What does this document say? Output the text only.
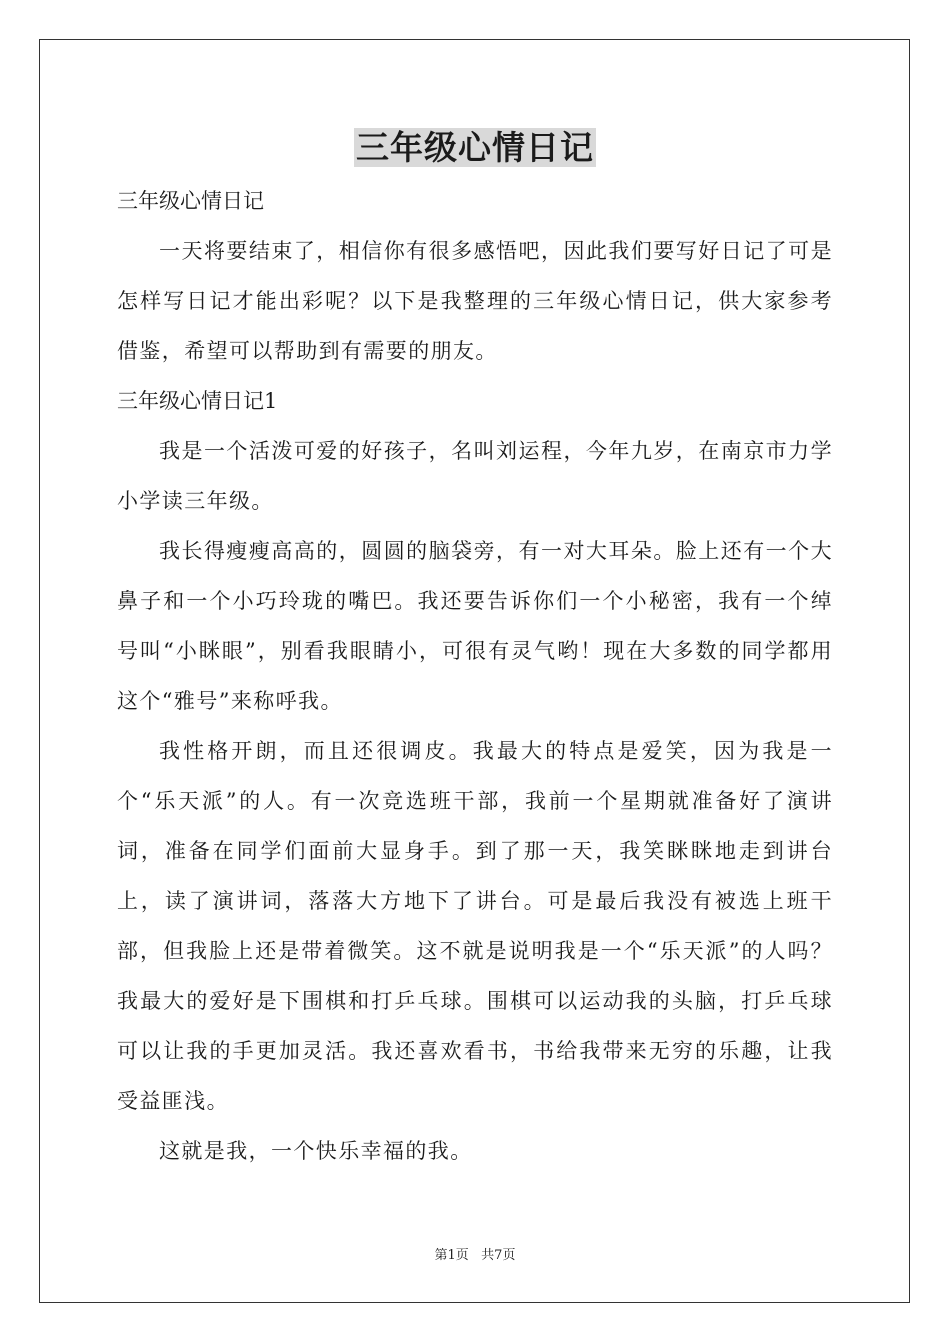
三年级心情日记

三年级心情日记

一天将要结束了，相信你有很多感悟吧，因此我们要写好日记了可是怎样写日记才能出彩呢？以下是我整理的三年级心情日记，供大家参考借鉴，希望可以帮助到有需要的朋友。

三年级心情日记1

我是一个活泼可爱的好孩子，名叫刘运程，今年九岁，在南京市力学小学读三年级。

我长得瘦瘦高高的，圆圆的脑袋旁，有一对大耳朵。脸上还有一个大鼻子和一个小巧玲珑的嘴巴。我还要告诉你们一个小秘密，我有一个绰号叫“小眯眼”，别看我眼睛小，可很有灵气哟！现在大多数的同学都用这个“雅号”来称呼我。

我性格开朗，而且还很调皮。我最大的特点是爱笑，因为我是一个“乐天派”的人。有一次竞选班干部，我前一个星期就准备好了演讲词，准备在同学们面前大显身手。到了那一天，我笑眯眯地走到讲台上，读了演讲词，落落大方地下了讲台。可是最后我没有被选上班干部，但我脸上还是带着微笑。这不就是说明我是一个“乐天派”的人吗？我最大的爱好是下围棋和打乒乓球。围棋可以运动我的头脑，打乒乓球可以让我的手更加灵活。我还喜欢看书，书给我带来无穷的乐趣，让我受益匪浅。

这就是我，一个快乐幸福的我。

第1页   共7页
